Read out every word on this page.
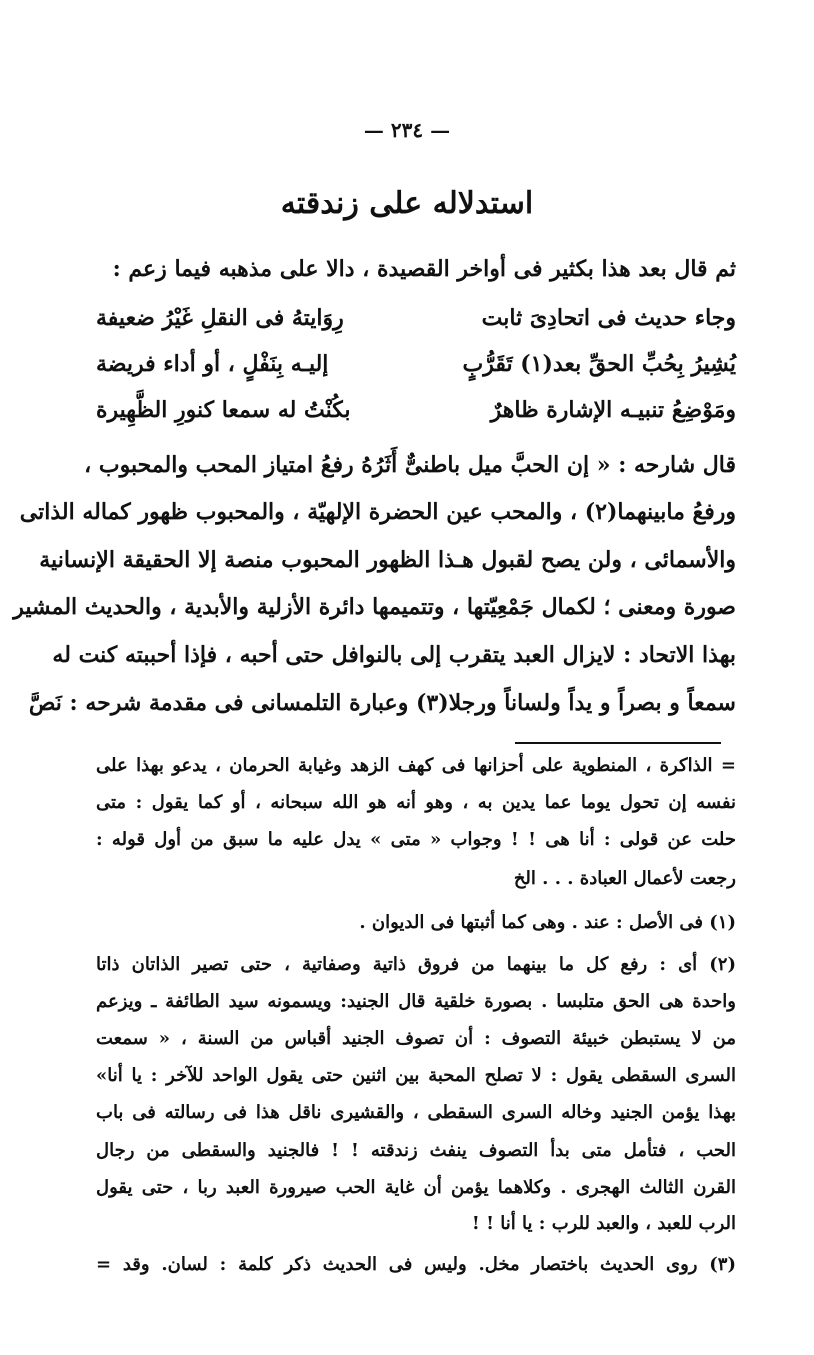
— ٢٣٤ —
استدلاله على زندقته
ثم قال بعد هذا بكثير فى أواخر القصيدة ، دالا على مذهبه فيما زعم :
وجاء حديث فى اتحادِىَ ثابت
رِوَايتهُ فى النقلِ غَيْرُ ضعيفة
يُشِيرُ بِحُبِّ الحقِّ بعد(١) تَقَرُّبٍ
إليـه بِنَفْلٍ ، أو أداء فريضة
ومَوْضِعُ تنبيـه الإشارة ظاهرٌ
بكُنْتُ له سمعا كنورِ الظَّهِيرة
قال شارحه : « إن الحبَّ ميل باطنىٌّ أَثَرُهُ رفعُ امتياز المحب والمحبوب ،
ورفعُ مابينهما(٢) ، والمحب عين الحضرة الإلهيّة ، والمحبوب ظهور كماله الذاتى
والأسمائى ، ولن يصح لقبول هـذا الظهور المحبوب منصة إلا الحقيقة الإنسانية
صورة ومعنى ؛ لكمال جَمْعِيّتها ، وتتميمها دائرة الأزلية والأبدية ، والحديث المشير
بهذا الاتحاد : لايزال العبد يتقرب إلى بالنوافل حتى أحبه ، فإذا أحببته كنت له
سمعاً و بصراً و يداً ولساناً ورجلا(٣) وعبارة التلمسانى فى مقدمة شرحه : نَصَّ
= الذاكرة ، المنطوية على أحزانها فى كهف الزهد وغيابة الحرمان ، يدعو بهذا على
نفسه إن تحول يوما عما يدين به ، وهو أنه هو الله سبحانه ، أو كما يقول : متى
حلت عن قولى : أنا هى ! ! وجواب « متى » يدل عليه ما سبق من أول قوله :
رجعت لأعمال العبادة . . . الخ
(١) فى الأصل : عند . وهى كما أثبتها فى الديوان .
(٢) أى : رفع كل ما بينهما من فروق ذاتية وصفاتية ، حتى تصير الذاتان ذاتا
واحدة هى الحق متلبسا . بصورة خلقية قال الجنيد: ويسمونه سيد الطائفة ـ ويزعم
من لا يستبطن خبيئة التصوف : أن تصوف الجنيد أقباس من السنة ، « سمعت
السرى السقطى يقول : لا تصلح المحبة بين اثنين حتى يقول الواحد للآخر : يا أنا»
بهذا يؤمن الجنيد وخاله السرى السقطى ، والقشيرى ناقل هذا فى رسالته فى باب
الحب ، فتأمل متى بدأ التصوف ينفث زندقته ! ! فالجنيد والسقطى من رجال
القرن الثالث الهجرى . وكلاهما يؤمن أن غاية الحب صيرورة العبد ربا ، حتى يقول
الرب للعبد ، والعبد للرب : يا أنا ! !
(٣) روى الحديث باختصار مخل. وليس فى الحديث ذكر كلمة : لسان. وقد =
